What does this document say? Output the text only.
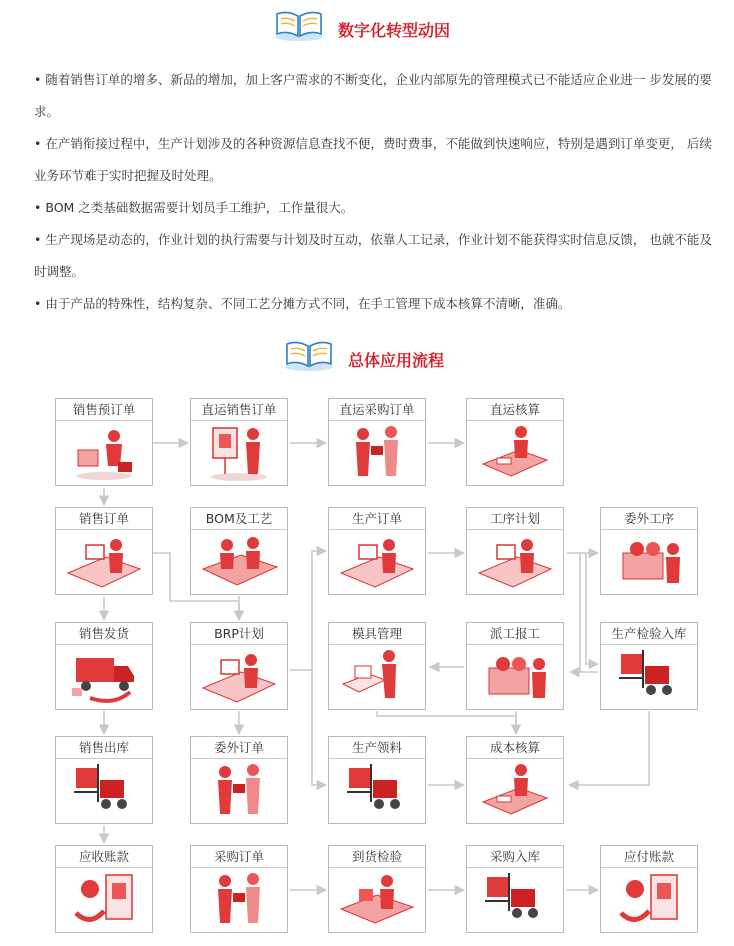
数字化转型动因

• 随着销售订单的增多、新品的增加，加上客户需求的不断变化，企业内部原先的管理模式已不能适应企业进一 步发展的要求。

• 在产销衔接过程中，生产计划涉及的各种资源信息查找不便，费时费事，不能做到快速响应，特别是遇到订单变更， 后续业务环节难于实时把握及时处理。

• BOM 之类基础数据需要计划员手工维护，工作量很大。

• 生产现场是动态的，作业计划的执行需要与计划及时互动，依靠人工记录，作业计划不能获得实时信息反馈， 也就不能及时调整。

• 由于产品的特殊性，结构复杂、不同工艺分摊方式不同，在手工管理下成本核算不清晰，准确。

总体应用流程
销售预订单	直运销售订单	直运采购订单	直运核算
销售订单	BOM及工艺	生产订单	工序计划	委外工序
销售发货	BRP计划	模具管理	派工报工	生产检验入库
销售出库	委外订单	生产领料	成本核算
应收账款	采购订单	到货检验	采购入库	应付账款
